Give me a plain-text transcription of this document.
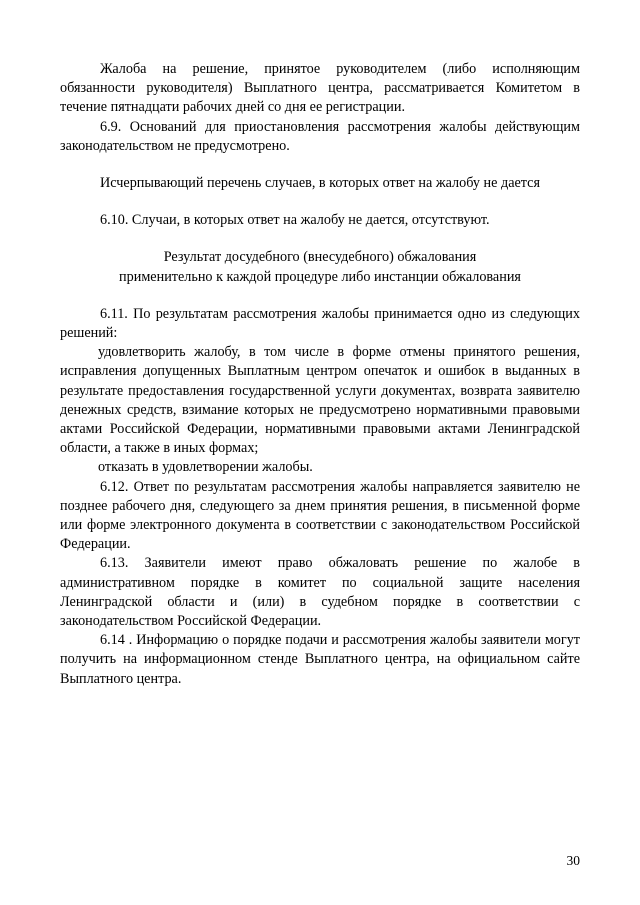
Жалоба на решение, принятое руководителем (либо исполняющим обязанности руководителя) Выплатного центра, рассматривается Комитетом в течение пятнадцати рабочих дней со дня ее регистрации.

6.9. Оснований для приостановления рассмотрения жалобы действующим законодательством не предусмотрено.

Исчерпывающий перечень случаев, в которых ответ на жалобу не дается

6.10. Случаи, в которых ответ на жалобу не дается, отсутствуют.

Результат досудебного (внесудебного) обжалования

применительно к каждой процедуре либо инстанции обжалования

6.11. По результатам рассмотрения жалобы принимается одно из следующих решений:

удовлетворить жалобу, в том числе в форме отмены принятого решения, исправления допущенных Выплатным центром опечаток и ошибок в выданных в результате предоставления государственной услуги документах, возврата заявителю денежных средств, взимание которых не предусмотрено нормативными правовыми актами Российской Федерации, нормативными правовыми актами Ленинградской области, а также в иных формах;

отказать в удовлетворении жалобы.

6.12. Ответ по результатам рассмотрения жалобы направляется заявителю не позднее рабочего дня, следующего за днем принятия решения, в письменной форме или форме электронного документа в соответствии с законодательством Российской Федерации.

6.13. Заявители имеют право обжаловать решение по жалобе в административном порядке в комитет по социальной защите населения Ленинградской области и (или) в судебном порядке в соответствии с законодательством Российской Федерации.

6.14 . Информацию о порядке подачи и рассмотрения жалобы заявители могут получить на информационном стенде Выплатного центра, на официальном сайте Выплатного центра.

30
